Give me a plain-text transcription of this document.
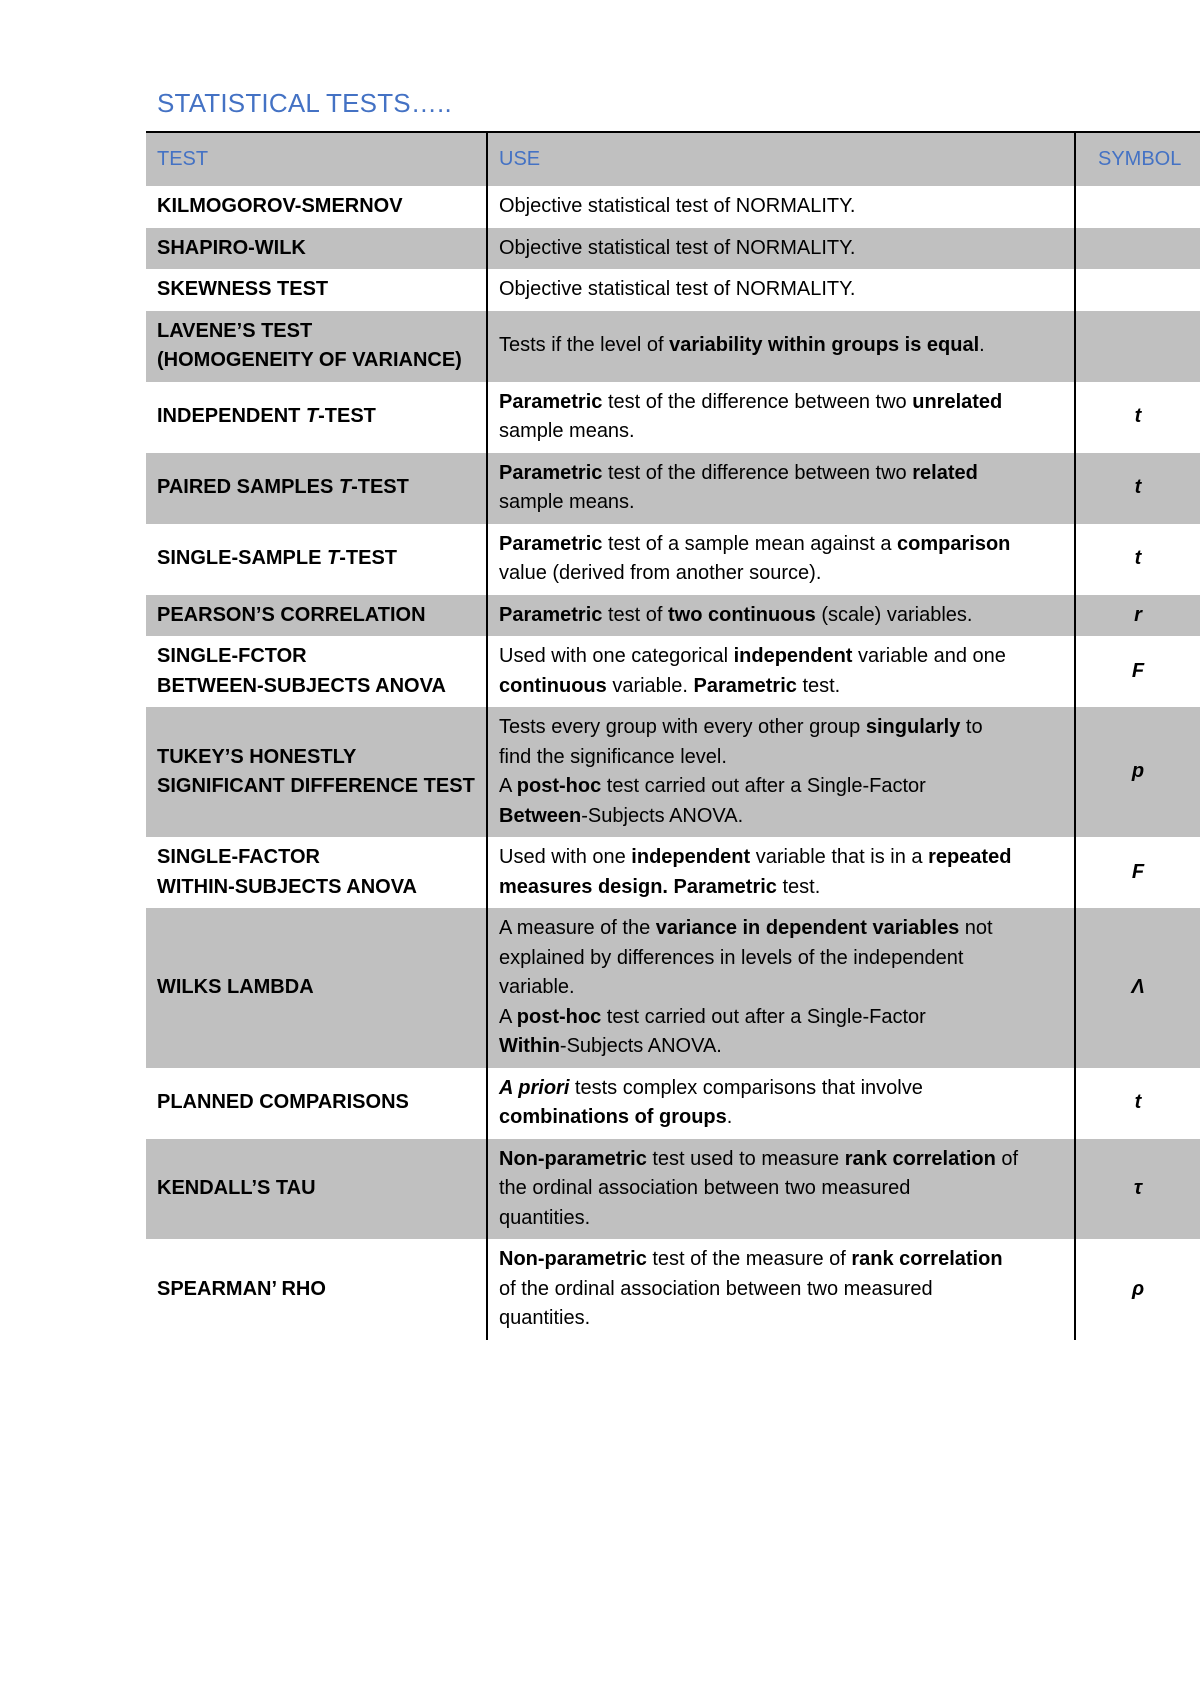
STATISTICAL TESTS…..
TEST	USE	SYMBOL

KILMOGOROV-SMERNOV	Objective statistical test of NORMALITY.	

SHAPIRO-WILK	Objective statistical test of NORMALITY.	

SKEWNESS TEST	Objective statistical test of NORMALITY.	

LAVENE’S TEST
(HOMOGENEITY OF VARIANCE)	Tests if the level of variability within groups is equal.	

INDEPENDENT T-TEST	Parametric test of the difference between two unrelated
sample means.	t

PAIRED SAMPLES T-TEST	Parametric test of the difference between two related
sample means.	t

SINGLE-SAMPLE T-TEST	Parametric test of a sample mean against a comparison
value (derived from another source).	t

PEARSON’S CORRELATION	Parametric test of two continuous (scale) variables.	r

SINGLE-FCTOR
BETWEEN-SUBJECTS ANOVA	Used with one categorical independent variable and one
continuous variable. Parametric test.	F

TUKEY’S HONESTLY
SIGNIFICANT DIFFERENCE TEST	Tests every group with every other group singularly to
find the significance level.
A post-hoc test carried out after a Single-Factor
Between-Subjects ANOVA.	p

SINGLE-FACTOR
WITHIN-SUBJECTS ANOVA	Used with one independent variable that is in a repeated
measures design. Parametric test.	F

WILKS LAMBDA	A measure of the variance in dependent variables not
explained by differences in levels of the independent
variable.
A post-hoc test carried out after a Single-Factor
Within-Subjects ANOVA.	Λ

PLANNED COMPARISONS	A priori tests complex comparisons that involve
combinations of groups.	t

KENDALL’S TAU	Non-parametric test used to measure rank correlation of
the ordinal association between two measured
quantities.	τ

SPEARMAN’ RHO	Non-parametric test of the measure of rank correlation
of the ordinal association between two measured
quantities.	ρ
